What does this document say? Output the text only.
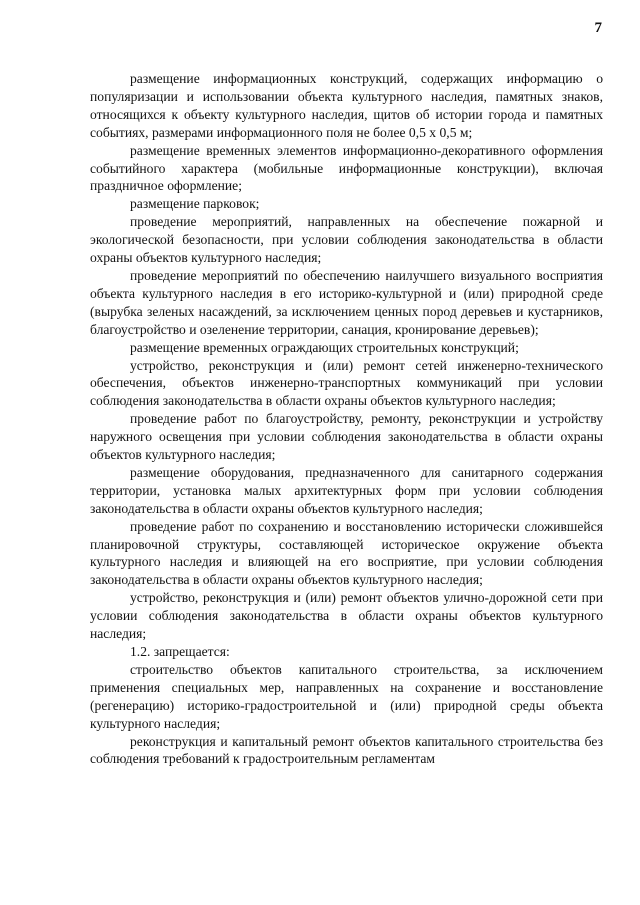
7

размещение информационных конструкций, содержащих информацию о популяризации и использовании объекта культурного наследия, памятных знаков, относящихся к объекту культурного наследия, щитов об истории города и памятных событиях, размерами информационного поля не более 0,5 х 0,5 м;

размещение временных элементов информационно-декоративного оформления событийного характера (мобильные информационные конструкции), включая праздничное оформление;

размещение парковок;

проведение мероприятий, направленных на обеспечение пожарной и экологической безопасности, при условии соблюдения законодательства в области охраны объектов культурного наследия;

проведение мероприятий по обеспечению наилучшего визуального восприятия объекта культурного наследия в его историко-культурной и (или) природной среде (вырубка зеленых насаждений, за исключением ценных пород деревьев и кустарников, благоустройство и озеленение территории, санация, кронирование деревьев);

размещение временных ограждающих строительных конструкций;

устройство, реконструкция и (или) ремонт сетей инженерно-технического обеспечения, объектов инженерно-транспортных коммуникаций при условии соблюдения законодательства в области охраны объектов культурного наследия;

проведение работ по благоустройству, ремонту, реконструкции и устройству наружного освещения при условии соблюдения законодательства в области охраны объектов культурного наследия;

размещение оборудования, предназначенного для санитарного содержания территории, установка малых архитектурных форм при условии соблюдения законодательства в области охраны объектов культурного наследия;

проведение работ по сохранению и восстановлению исторически сложившейся планировочной структуры, составляющей историческое окружение объекта культурного наследия и влияющей на его восприятие, при условии соблюдения законодательства в области охраны объектов культурного наследия;

устройство, реконструкция и (или) ремонт объектов улично-дорожной сети при условии соблюдения законодательства в области охраны объектов культурного наследия;

1.2. запрещается:

строительство объектов капитального строительства, за исключением применения специальных мер, направленных на сохранение и восстановление (регенерацию) историко-градостроительной и (или) природной среды объекта культурного наследия;

реконструкция и капитальный ремонт объектов капитального строительства без соблюдения требований к градостроительным регламентам
